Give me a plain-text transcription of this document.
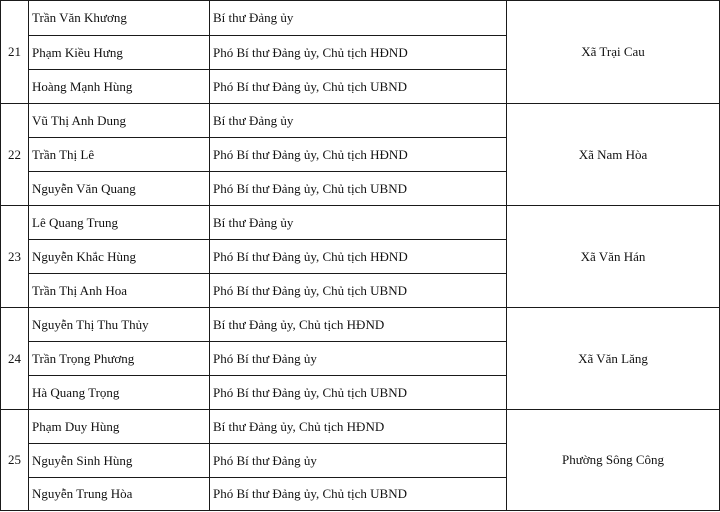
21	Trần Văn Khương	Bí thư Đảng ủy	Xã Trại Cau
	Phạm Kiều Hưng	Phó Bí thư Đảng ủy, Chủ tịch HĐND	
	Hoàng Mạnh Hùng	Phó Bí thư Đảng ủy, Chủ tịch UBND	
22	Vũ Thị Anh Dung	Bí thư Đảng ủy	Xã Nam Hòa
	Trần Thị Lê	Phó Bí thư Đảng ủy, Chủ tịch HĐND	
	Nguyễn Văn Quang	Phó Bí thư Đảng ủy, Chủ tịch UBND	
23	Lê Quang Trung	Bí thư Đảng ủy	Xã Văn Hán
	Nguyễn Khắc Hùng	Phó Bí thư Đảng ủy, Chủ tịch HĐND	
	Trần Thị Anh Hoa	Phó Bí thư Đảng ủy, Chủ tịch UBND	
24	Nguyễn Thị Thu Thủy	Bí thư Đảng ủy, Chủ tịch HĐND	Xã Văn Lăng
	Trần Trọng Phương	Phó Bí thư Đảng ủy	
	Hà Quang Trọng	Phó Bí thư Đảng ủy, Chủ tịch UBND	
25	Phạm Duy Hùng	Bí thư Đảng ủy, Chủ tịch HĐND	Phường Sông Công
	Nguyễn Sinh Hùng	Phó Bí thư Đảng ủy	
	Nguyễn Trung Hòa	Phó Bí thư Đảng ủy, Chủ tịch UBND	
